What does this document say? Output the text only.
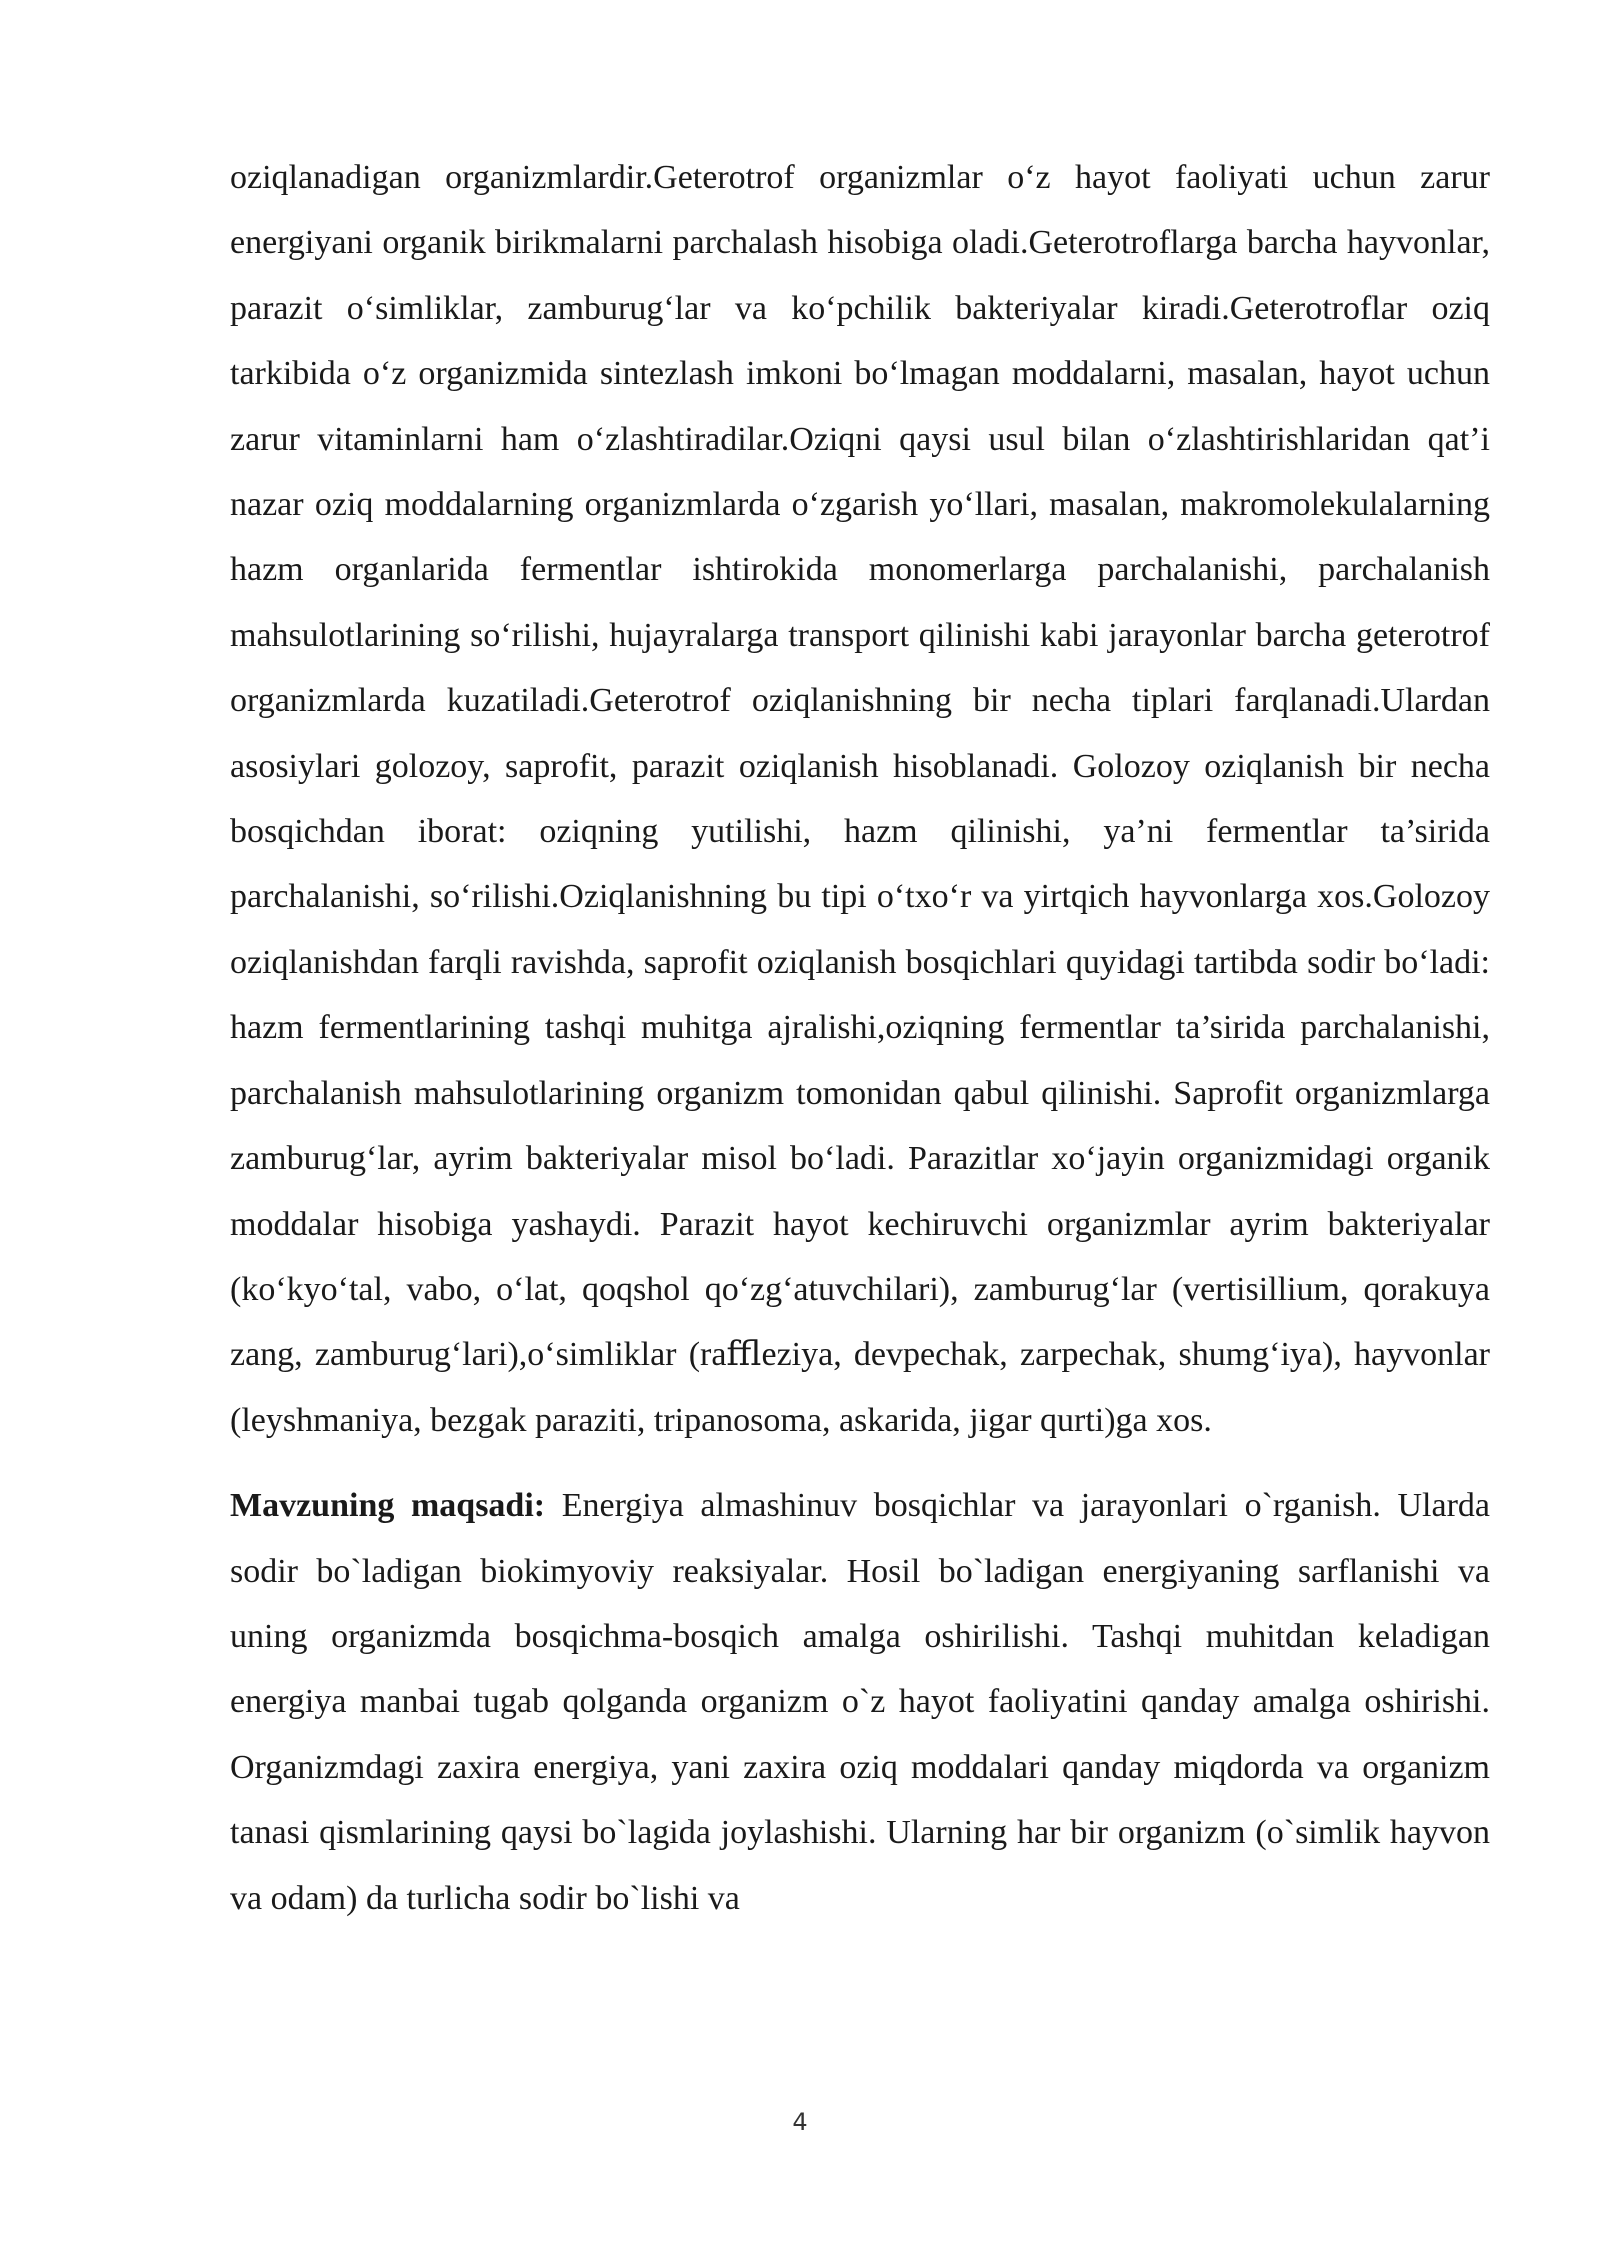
oziqlanadigan organizmlardir.Geterotrof organizmlar o‘z hayot faoliyati uchun zarur energiyani organik birikmalarni parchalash hisobiga oladi.Geterotroflarga barcha hayvonlar, parazit o‘simliklar, zamburug‘lar va ko‘pchilik bakteriyalar kiradi.Geterotroflar oziq tarkibida o‘z organizmida sintezlash imkoni bo‘lmagan moddalarni, masalan, hayot uchun zarur vitaminlarni ham o‘zlashtiradilar.Oziqni qaysi usul bilan o‘zlashtirishlaridan qat’i nazar oziq moddalarning organizmlarda o‘zgarish yo‘llari, masalan, makromolekulalarning hazm organlarida fermentlar ishtirokida monomerlarga parchalanishi, parchalanish mahsulotlarining so‘rilishi, hujayralarga transport qilinishi kabi jarayonlar barcha geterotrof organizmlarda kuzatiladi.Geterotrof oziqlanishning bir necha tiplari farqlanadi.Ulardan asosiylari golozoy, saprofit, parazit oziqlanish hisoblanadi. Golozoy oziqlanish bir necha bosqichdan iborat: oziqning yutilishi, hazm qilinishi, ya’ni fermentlar ta’sirida parchalanishi, so‘rilishi.Oziqlanishning bu tipi o‘txo‘r va yirtqich hayvonlarga xos.Golozoy oziqlanishdan farqli ravishda, saprofit oziqlanish bosqichlari quyidagi tartibda sodir bo‘ladi: hazm fermentlarining tashqi muhitga ajralishi,oziqning fermentlar ta’sirida parchalanishi, parchalanish mahsulotlarining organizm tomonidan qabul qilinishi. Saprofit organizmlarga zamburug‘lar, ayrim bakteriyalar misol bo‘ladi. Parazitlar xo‘jayin organizmidagi organik moddalar hisobiga yashaydi. Parazit hayot kechiruvchi organizmlar ayrim bakteriyalar (ko‘kyo‘tal, vabo, o‘lat, qoqshol qo‘zg‘atuvchilari), zamburug‘lar (vertisillium, qorakuya zang, zamburug‘lari),o‘simliklar (raﬄeziya, devpechak, zarpechak, shumg‘iya), hayvonlar (leyshmaniya, bezgak paraziti, tripanosoma, askarida, jigar qurti)ga xos.

Mavzuning maqsadi: Energiya almashinuv bosqichlar va jarayonlari o`rganish. Ularda sodir bo`ladigan biokimyoviy reaksiyalar. Hosil bo`ladigan energiyaning sarflanishi va uning organizmda bosqichma-bosqich amalga oshirilishi. Tashqi muhitdan keladigan energiya manbai tugab qolganda organizm o`z hayot faoliyatini qanday amalga oshirishi. Organizmdagi zaxira energiya, yani zaxira oziq moddalari qanday miqdorda va organizm tanasi qismlarining qaysi bo`lagida joylashishi. Ularning har bir organizm (o`simlik hayvon va odam) da turlicha sodir bo`lishi va

4
